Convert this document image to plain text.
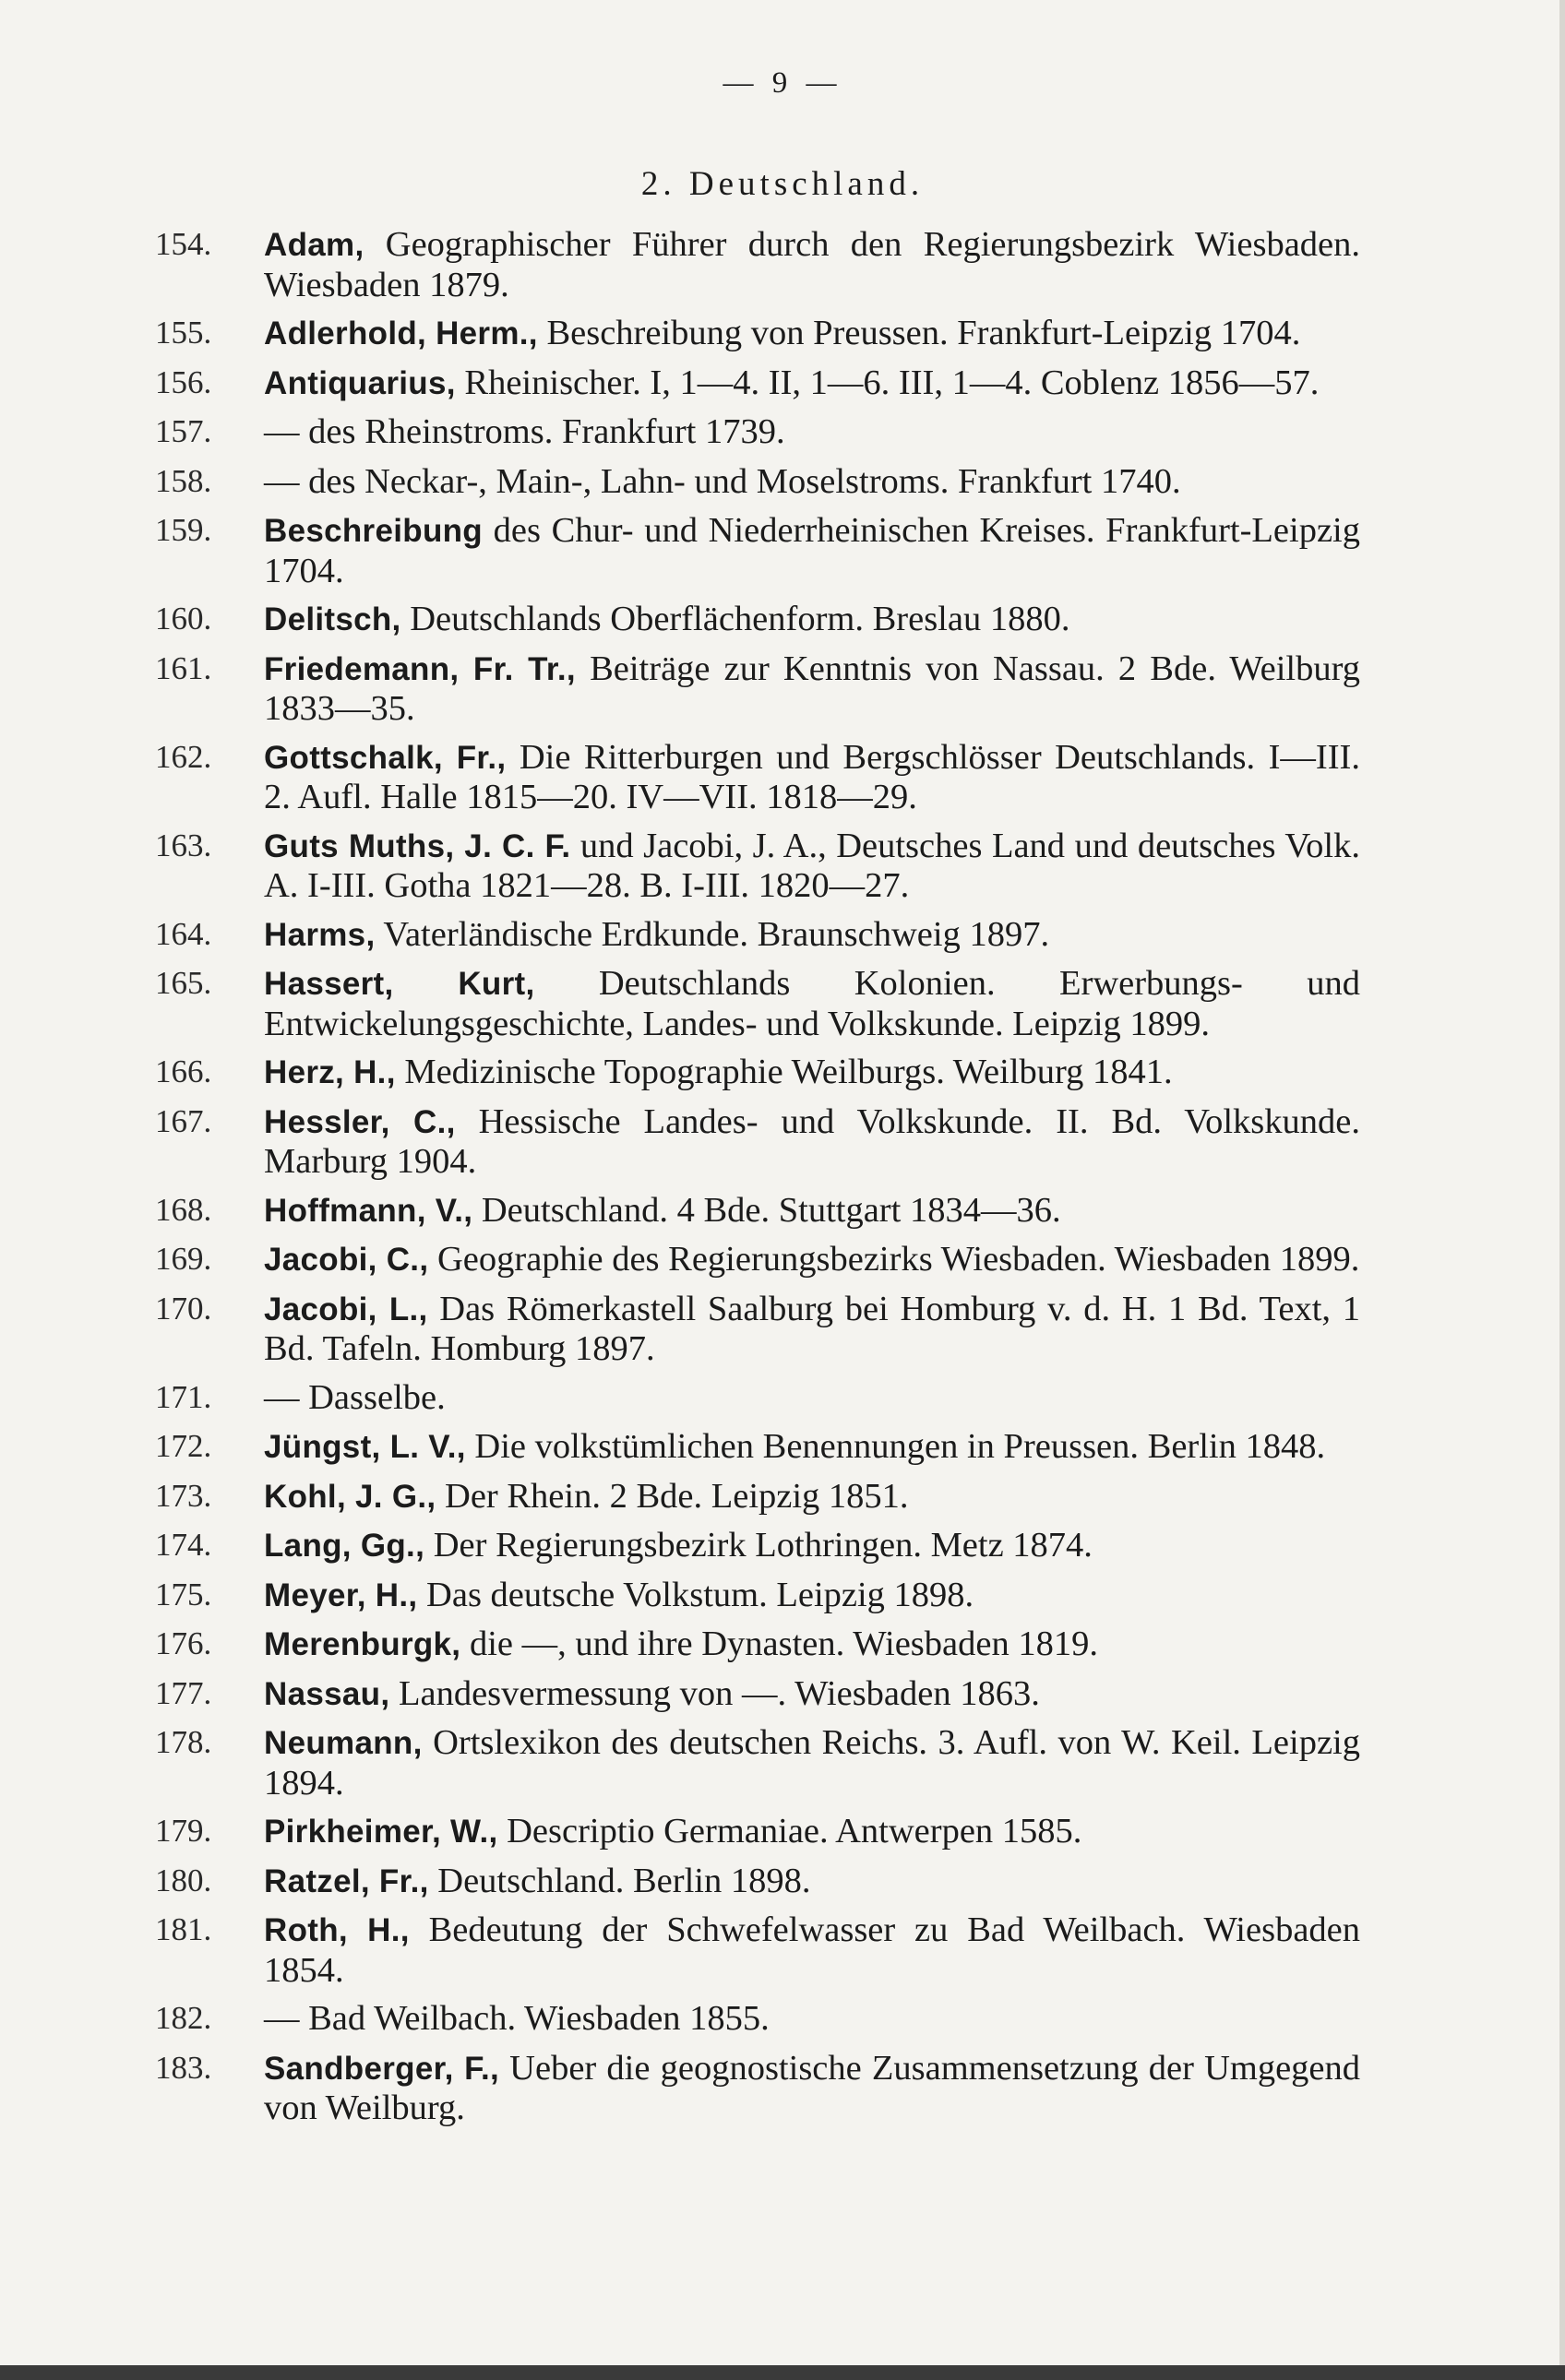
— 9 —
2. Deutschland.
154.	Adam, Geographischer Führer durch den Regierungsbezirk Wiesbaden. Wiesbaden 1879.
155.	Adlerhold, Herm., Beschreibung von Preussen. Frankfurt-Leipzig 1704.
156.	Antiquarius, Rheinischer. I, 1—4. II, 1—6. III, 1—4. Coblenz 1856—57.
157.	— des Rheinstroms. Frankfurt 1739.
158.	— des Neckar-, Main-, Lahn- und Moselstroms. Frankfurt 1740.
159.	Beschreibung des Chur- und Niederrheinischen Kreises. Frankfurt-Leipzig 1704.
160.	Delitsch, Deutschlands Oberflächenform. Breslau 1880.
161.	Friedemann, Fr. Tr., Beiträge zur Kenntnis von Nassau. 2 Bde. Weilburg 1833—35.
162.	Gottschalk, Fr., Die Ritterburgen und Bergschlösser Deutschlands. I—III. 2. Aufl. Halle 1815—20. IV—VII. 1818—29.
163.	Guts Muths, J. C. F. und Jacobi, J. A., Deutsches Land und deutsches Volk. A. I-III. Gotha 1821—28. B. I-III. 1820—27.
164.	Harms, Vaterländische Erdkunde. Braunschweig 1897.
165.	Hassert, Kurt, Deutschlands Kolonien. Erwerbungs- und Entwickelungsgeschichte, Landes- und Volkskunde. Leipzig 1899.
166.	Herz, H., Medizinische Topographie Weilburgs. Weilburg 1841.
167.	Hessler, C., Hessische Landes- und Volkskunde. II. Bd. Volkskunde. Marburg 1904.
168.	Hoffmann, V., Deutschland. 4 Bde. Stuttgart 1834—36.
169.	Jacobi, C., Geographie des Regierungsbezirks Wiesbaden. Wiesbaden 1899.
170.	Jacobi, L., Das Römerkastell Saalburg bei Homburg v. d. H. 1 Bd. Text, 1 Bd. Tafeln. Homburg 1897.
171.	— Dasselbe.
172.	Jüngst, L. V., Die volkstümlichen Benennungen in Preussen. Berlin 1848.
173.	Kohl, J. G., Der Rhein. 2 Bde. Leipzig 1851.
174.	Lang, Gg., Der Regierungsbezirk Lothringen. Metz 1874.
175.	Meyer, H., Das deutsche Volkstum. Leipzig 1898.
176.	Merenburgk, die —, und ihre Dynasten. Wiesbaden 1819.
177.	Nassau, Landesvermessung von —. Wiesbaden 1863.
178.	Neumann, Ortslexikon des deutschen Reichs. 3. Aufl. von W. Keil. Leipzig 1894.
179.	Pirkheimer, W., Descriptio Germaniae. Antwerpen 1585.
180.	Ratzel, Fr., Deutschland. Berlin 1898.
181.	Roth, H., Bedeutung der Schwefelwasser zu Bad Weilbach. Wiesbaden 1854.
182.	— Bad Weilbach. Wiesbaden 1855.
183.	Sandberger, F., Ueber die geognostische Zusammensetzung der Umgegend von Weilburg.
